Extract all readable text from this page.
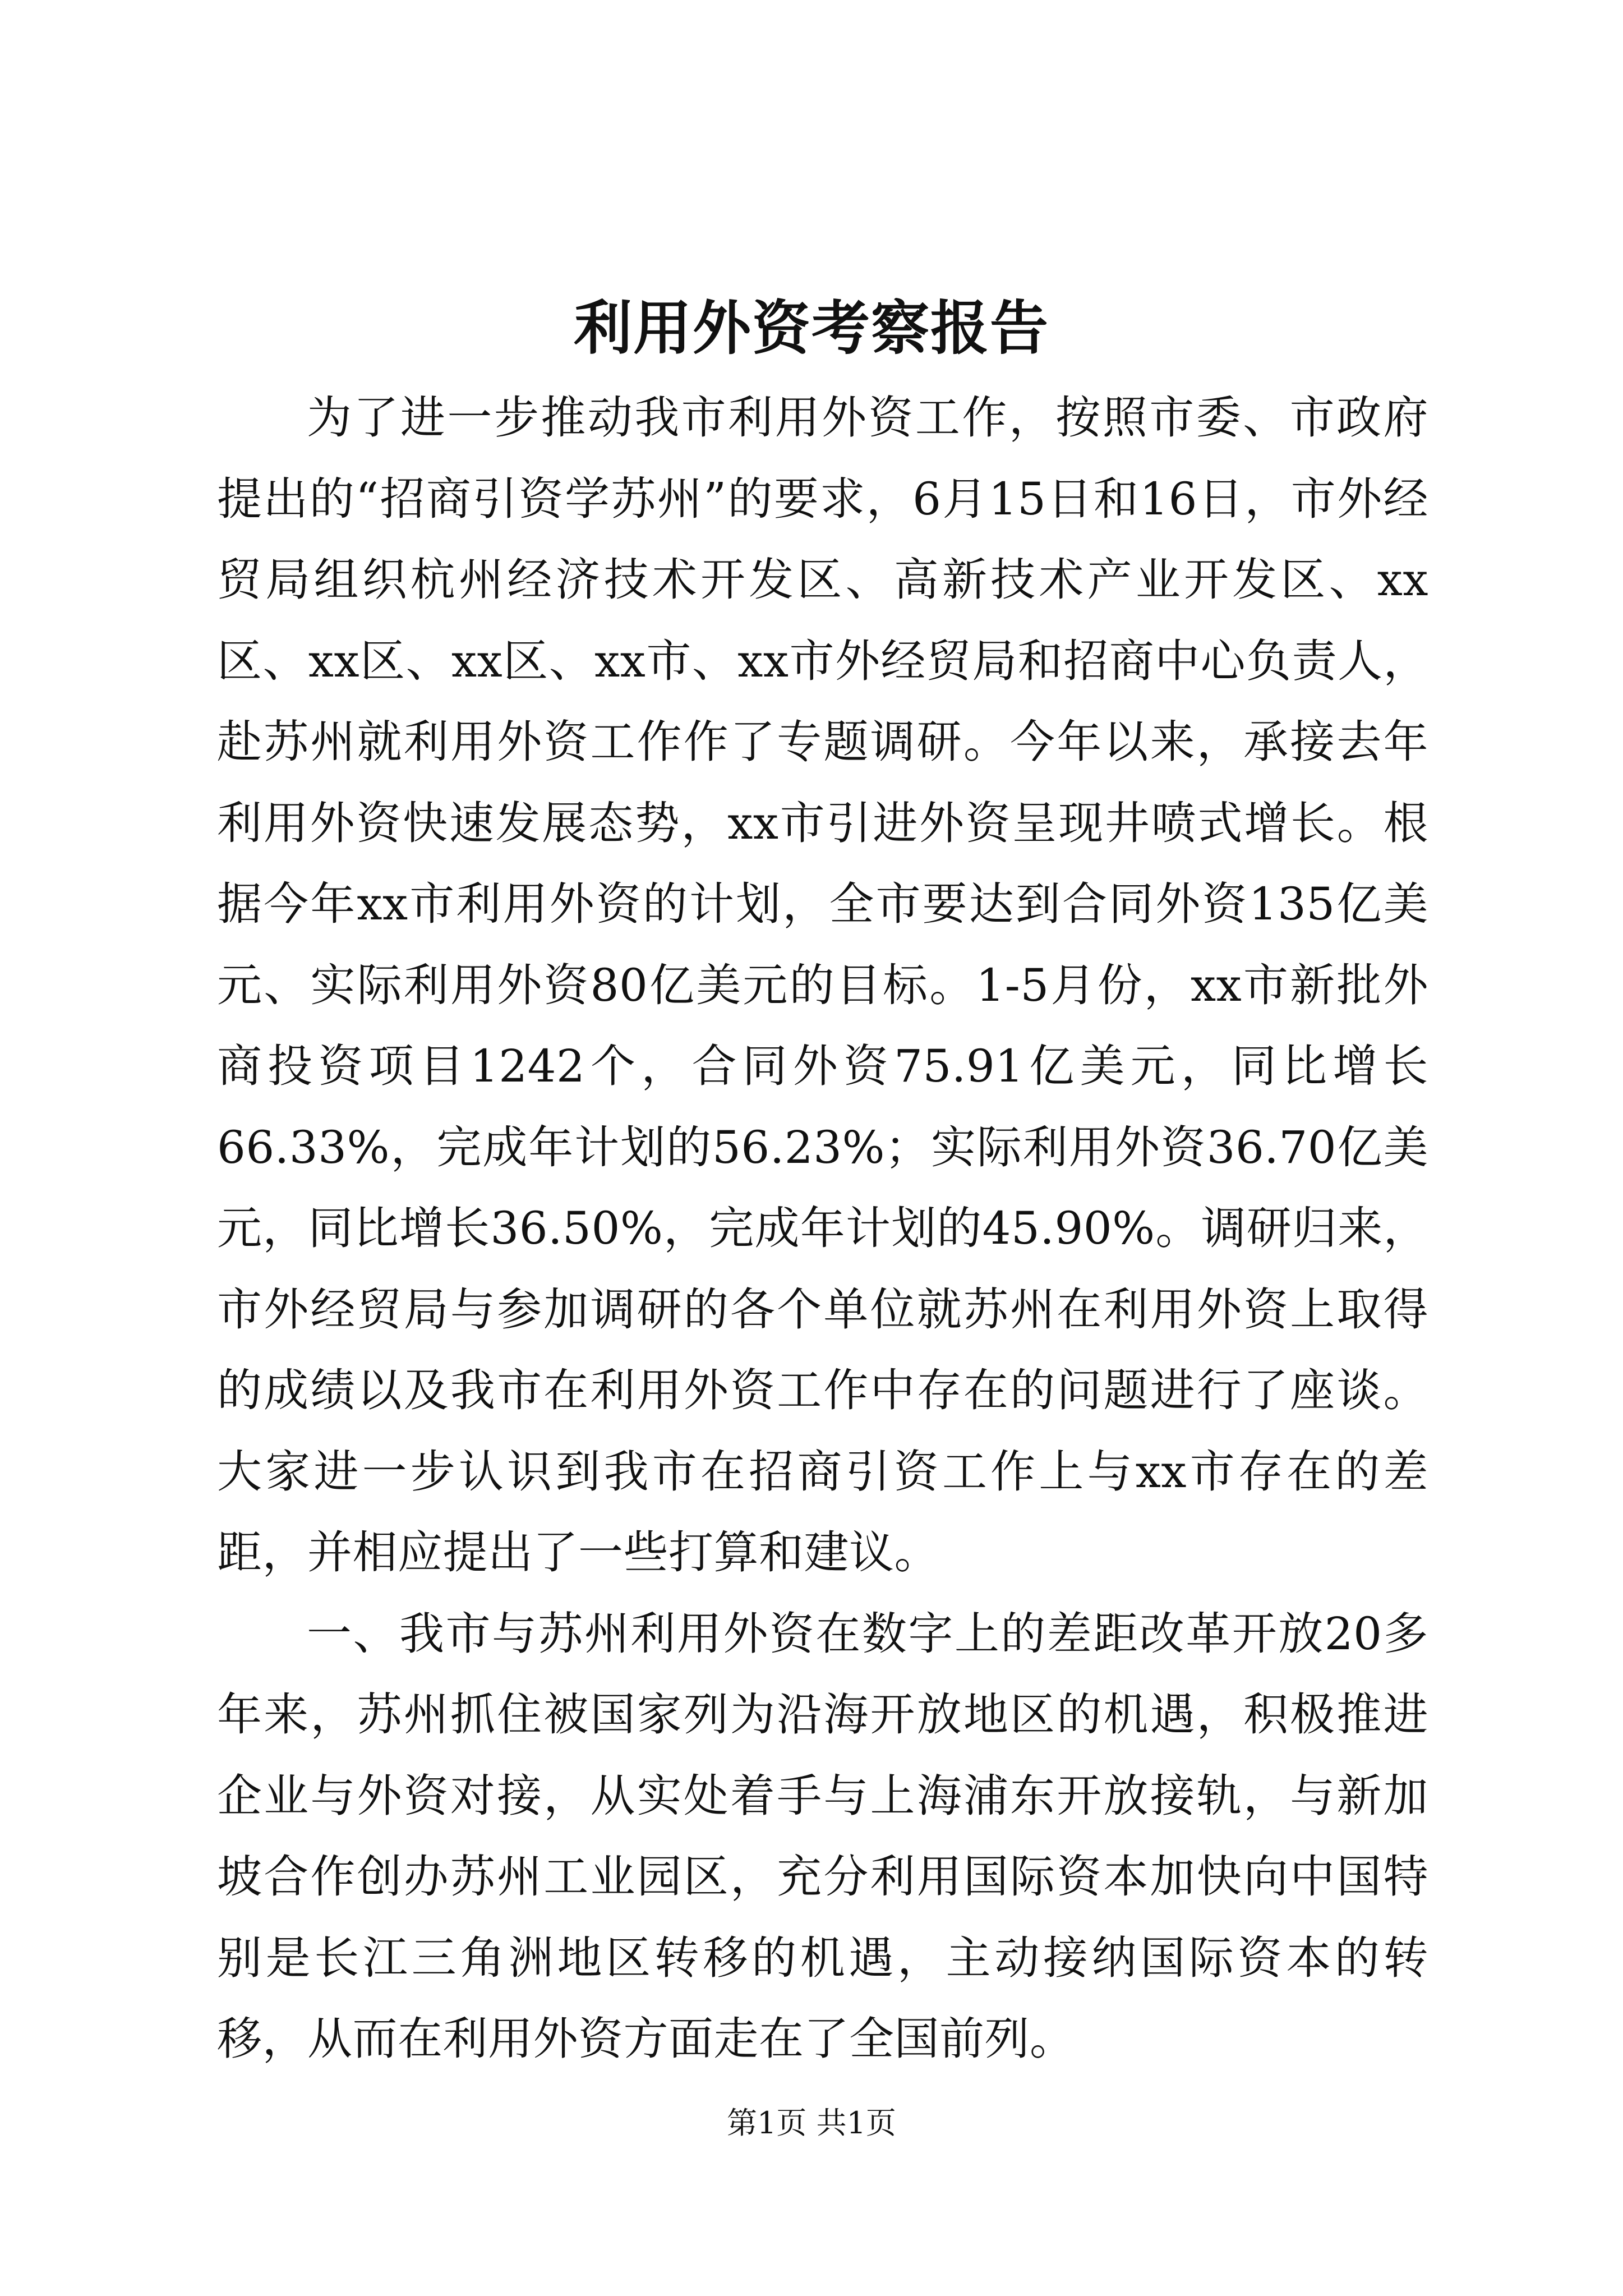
利用外资考察报告

为了进一步推动我市利用外资工作，按照市委、市政府提出的“招商引资学苏州”的要求，6月15日和16日，市外经贸局组织杭州经济技术开发区、高新技术产业开发区、xx区、xx区、xx区、xx市、xx市外经贸局和招商中心负责人，赴苏州就利用外资工作作了专题调研。今年以来，承接去年利用外资快速发展态势，xx市引进外资呈现井喷式增长。根据今年xx市利用外资的计划，全市要达到合同外资135亿美元、实际利用外资80亿美元的目标。1-5月份，xx市新批外商投资项目1242个，合同外资75.91亿美元，同比增长66.33%，完成年计划的56.23%；实际利用外资36.70亿美元，同比增长36.50%，完成年计划的45.90%。调研归来，市外经贸局与参加调研的各个单位就苏州在利用外资上取得的成绩以及我市在利用外资工作中存在的问题进行了座谈。大家进一步认识到我市在招商引资工作上与xx市存在的差距，并相应提出了一些打算和建议。

一、我市与苏州利用外资在数字上的差距改革开放20多年来，苏州抓住被国家列为沿海开放地区的机遇，积极推进企业与外资对接，从实处着手与上海浦东开放接轨，与新加坡合作创办苏州工业园区，充分利用国际资本加快向中国特别是长江三角洲地区转移的机遇，主动接纳国际资本的转移，从而在利用外资方面走在了全国前列。

第1页 共1页
